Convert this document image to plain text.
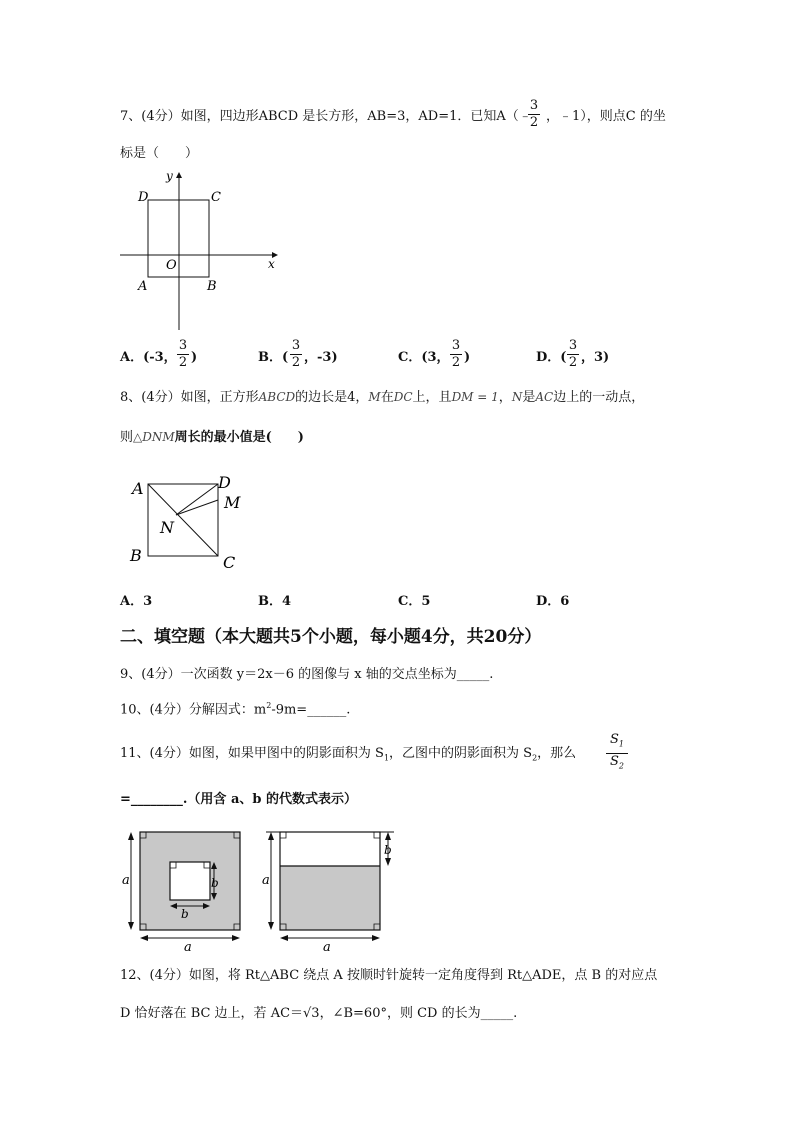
7、(4分）如图，四边形ABCD 是长方形，AB=3，AD=1．已知A（﹣
3
2 ，﹣1），则点C 的坐
标是（　　）
D	C
A	B
O	x
y
A．(-3，
3
2 )	B．(
3
2 ，-3)	C．(3，
3
2 )	D．(
3
2 ，3)
8、(4分）如图，正方形ABCD的边长是4，M在DC上，且DM = 1，N是AC边上的一动点，
则△DNM周长的最小值是(　　)
A	D
M
N
B	C
A．3	B．4	C．5	D．6
二、填空题（本大题共5个小题，每小题4分，共20分）
9、(4分）一次函数 y＝2x－6 的图像与 x 轴的交点坐标为_____.
10、(4分）分解因式：$m^2-9m=\_\_\_\_\_\_$.
11、(4分）如图，如果甲图中的阴影面积为 $S_1$，乙图中的阴影面积为 $S_2$，那么
$S_1$
$S_2$
=________.（用含 a、b 的代数式表示）
a
a
b
b	a
a
b
12、(4分）如图，将 Rt△ABC 绕点 A 按顺时针旋转一定角度得到 Rt△ADE，点 B 的对应点
D 恰好落在 BC 边上，若 AC＝√3，∠B=60°，则 CD 的长为_____.
